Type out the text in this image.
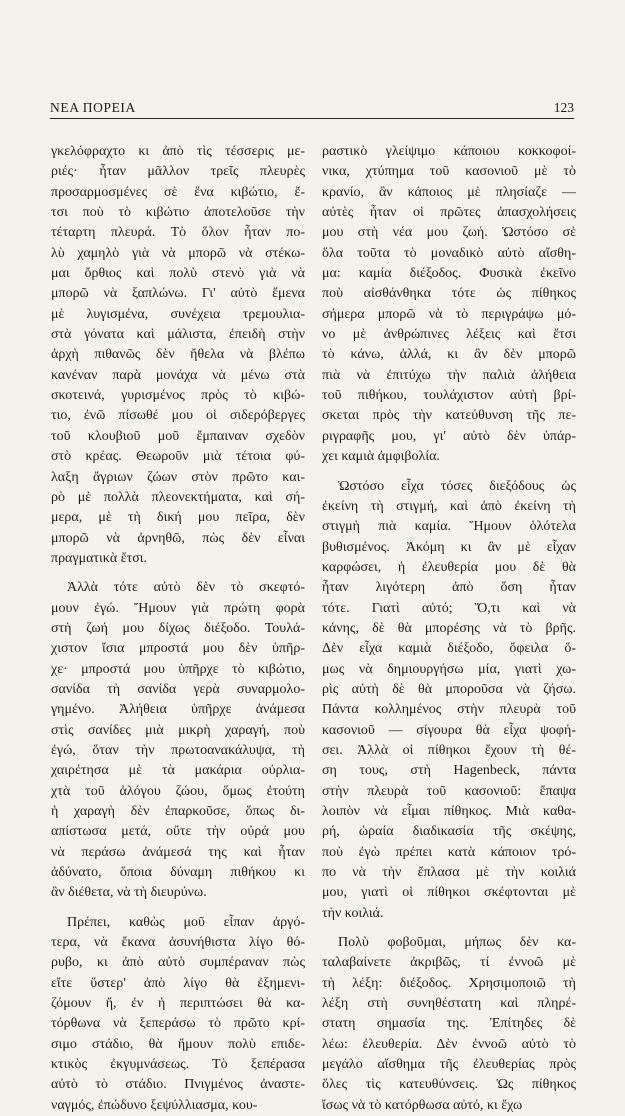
ΝΕΑ ΠΟΡΕΙΑ	123
γκελόφραχτο κι ἀπὸ τὶς τέσσερις με-
ριές· ἦταν μᾶλλον τρεῖς πλευρὲς
προσαρμοσμένες σὲ ἕνα κιβώτιο, ἔ-
τσι ποὺ τὸ κιβώτιο ἀποτελοῦσε τὴν
τέταρτη πλευρά. Τὸ ὅλον ἦταν πο-
λὺ χαμηλὸ γιὰ νὰ μπορῶ νὰ στέκω-
μαι ὄρθιος καὶ πολὺ στενὸ γιὰ νὰ
μπορῶ νὰ ξαπλώνω. Γι' αὐτὸ ἔμενα
μὲ λυγισμένα, συνέχεια τρεμουλια-
στὰ γόνατα καὶ μάλιστα, ἐπειδὴ στὴν
ἀρχὴ πιθανῶς δὲν ἤθελα νὰ βλέπω
κανέναν παρὰ μονάχα νὰ μένω στὰ
σκοτεινά, γυρισμένος πρὸς τὸ κιβώ-
τιο, ἐνῶ πίσωθέ μου οἱ σιδερόβεργες
τοῦ κλουβιοῦ μοῦ ἔμπαιναν σχεδὸν
στὸ κρέας. Θεωροῦν μιὰ τέτοια φύ-
λαξη ἄγριων ζώων στὸν πρῶτο και-
ρὸ μὲ πολλὰ πλεονεκτήματα, καὶ σή-
μερα, μὲ τὴ δική μου πεῖρα, δὲν
μπορῶ νὰ ἀρνηθῶ, πὼς δὲν εἶναι
πραγματικὰ ἔτσι.
Ἀλλὰ τότε αὐτὸ δὲν τὸ σκεφτό-
μουν ἐγώ. Ἤμουν γιὰ πρώτη φορὰ
στὴ ζωή μου δίχως διέξοδο. Τουλά-
χιστον ἴσια μπροστά μου δὲν ὑπῆρ-
χε· μπροστά μου ὑπῆρχε τὸ κιβώτιο,
σανίδα τὴ σανίδα γερὰ συναρμολο-
γημένο. Ἀλήθεια ὑπῆρχε ἀνάμεσα
στὶς σανίδες μιὰ μικρὴ χαραγή, ποὺ
ἐγώ, ὅταν τὴν πρωτοανακάλυψα, τὴ
χαιρέτησα μὲ τὰ μακάρια οὐρλια-
χτὰ τοῦ ἀλόγου ζώου, ὅμως ἐτούτη
ἡ χαραγὴ δὲν ἐπαρκοῦσε, ὅπως δι-
απίστωσα μετά, οὔτε τὴν οὐρά μου
νὰ περάσω ἀνάμεσά της καὶ ἦταν
ἀδύνατο, ὅποια δύναμη πιθήκου κι
ἂν διέθετα, νὰ τὴ διευρύνω.
Πρέπει, καθὼς μοῦ εἶπαν ἀργό-
τερα, νὰ ἔκανα ἀσυνήθιστα λίγο θό-
ρυβο, κι ἀπὸ αὐτὸ συμπέραναν πὼς
εἴτε ὕστερ' ἀπὸ λίγο θὰ ἐξημενι-
ζόμουν ἤ, ἐν ἡ περιπτώσει θὰ κα-
τόρθωνα νὰ ξεπεράσω τὸ πρῶτο κρί-
σιμο στάδιο, θὰ ἤμουν πολὺ επιδε-
κτικὸς ἐκγυμνάσεως. Τὸ ξεπέρασα
αὐτὸ τὸ στάδιο. Πνιγμένος ἀναστε-
ναγμός, ἐπώδυνο ξεψύλλιασμα, κου-
ραστικὸ γλείψιμο κάποιου κοκκοφοί-
νικα, χτύπημα τοῦ κασονιοῦ μὲ τὸ
κρανίο, ἂν κάποιος μὲ πλησίαζε —
αὐτὲς ἦταν οἱ πρῶτες ἀπασχολήσεις
μου στὴ νέα μου ζωή. Ὡστόσο σὲ
ὅλα τοῦτα τὸ μοναδικὸ αὐτὸ αἴσθη-
μα: καμία διέξοδος. Φυσικὰ ἐκεῖνο
ποὺ αἰσθάνθηκα τότε ὡς πίθηκος
σήμερα μπορῶ νὰ τὸ περιγράψω μό-
νο μὲ ἀνθρώπινες λέξεις καὶ ἔτσι
τὸ κάνω, ἀλλά, κι ἂν δὲν μπορῶ
πιὰ νὰ ἐπιτύχω τὴν παλιὰ ἀλήθεια
τοῦ πιθήκου, τουλάχιστον αὐτὴ βρί-
σκεται πρὸς τὴν κατεύθυνση τῆς πε-
ριγραφῆς μου, γι' αὐτὸ δὲν ὑπάρ-
χει καμιὰ ἀμφιβολία.
Ὡστόσο εἶχα τόσες διεξόδους ὡς
ἐκείνη τὴ στιγμή, καὶ ἀπὸ ἐκείνη τὴ
στιγμὴ πιὰ καμία. Ἤμουν ὁλότελα
βυθισμένος. Ἀκόμη κι ἂν μὲ εἶχαν
καρφώσει, ἡ ἐλευθερία μου δὲ θὰ
ἦταν λιγότερη ἀπὸ ὅση ἦταν
τότε. Γιατὶ αὐτό; Ὅ,τι καὶ νὰ
κάνης, δὲ θὰ μπορέσης νὰ τὸ βρῆς.
Δὲν εἶχα καμιὰ διέξοδο, ὄφειλα ὅ-
μως νὰ δημιουργήσω μία, γιατὶ χω-
ρὶς αὐτὴ δὲ θὰ μποροῦσα νὰ ζήσω.
Πάντα κολλημένος στὴν πλευρὰ τοῦ
κασονιοῦ — σίγουρα θὰ εἶχα ψοφή-
σει. Ἀλλὰ οἱ πίθηκοι ἔχουν τὴ θέ-
ση τους, στὴ Hagenbeck, πάντα
στὴν πλευρὰ τοῦ κασονιοῦ: ἔπαψα
λοιπὸν νὰ εἶμαι πίθηκος. Μιὰ καθα-
ρή, ὡραία διαδικασία τῆς σκέψης,
ποὺ ἐγὼ πρέπει κατὰ κάποιον τρό-
πο νὰ τὴν ἔπλασα μὲ τὴν κοιλιά
μου, γιατὶ οἱ πίθηκοι σκέφτονται μὲ
τὴν κοιλιά.
Πολὺ φοβοῦμαι, μήπως δὲν κα-
ταλαβαίνετε ἀκριβῶς, τί ἐννοῶ μὲ
τὴ λέξη: διέξοδος. Χρησιμοποιῶ τὴ
λέξη στὴ συνηθέστατη καὶ πληρέ-
στατη σημασία της. Ἐπίτηδες δὲ
λέω: ἐλευθερία. Δὲν ἐννοῶ αὐτὸ τὸ
μεγάλο αἴσθημα τῆς ἐλευθερίας πρὸς
ὅλες τὶς κατευθύνσεις. Ὡς πίθηκος
ἴσως νὰ τὸ κατόρθωσα αὐτό, κι ἔχω
